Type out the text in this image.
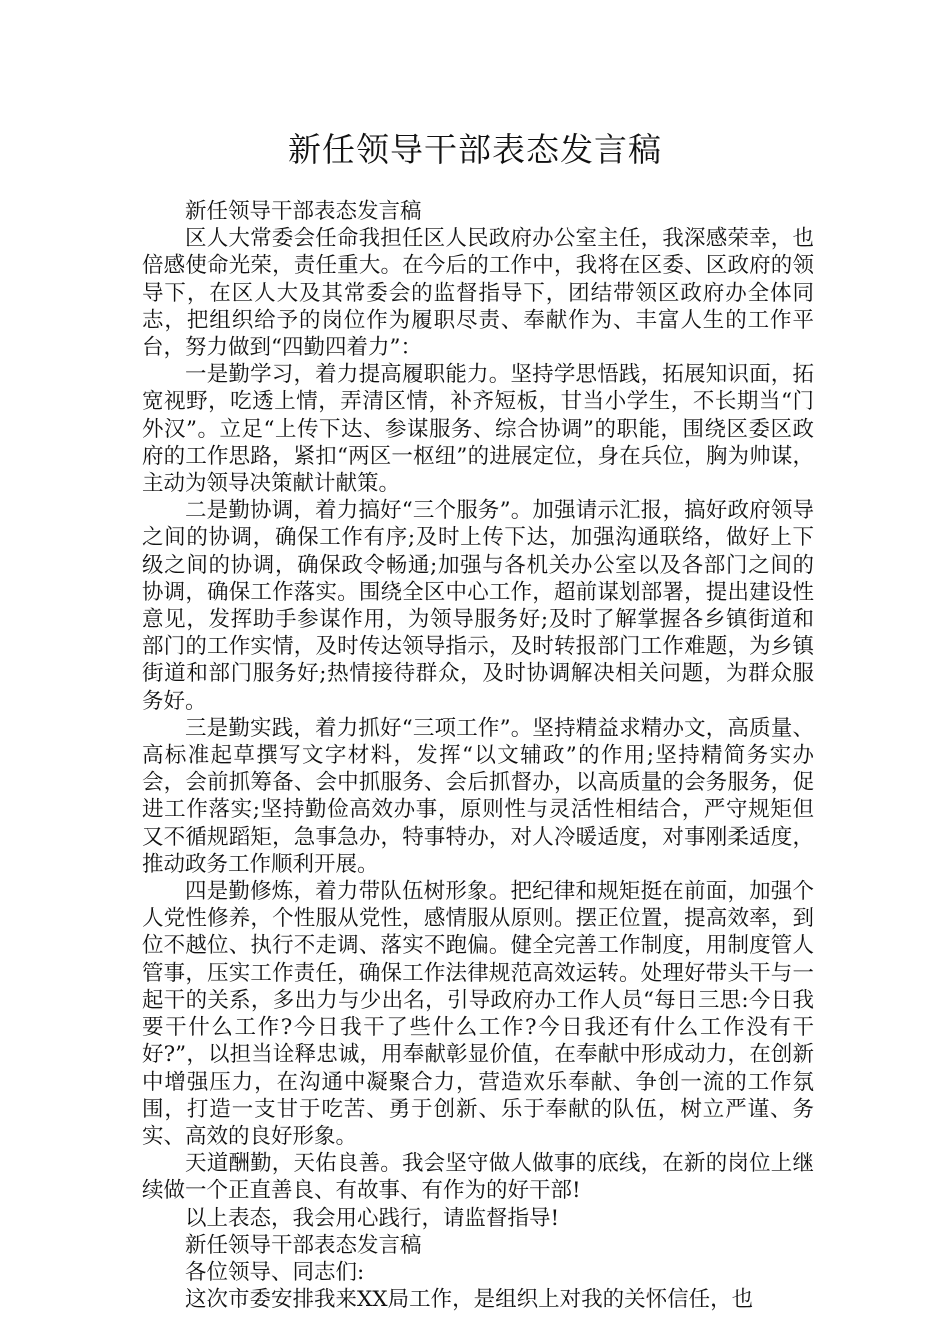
新任领导干部表态发言稿

新任领导干部表态发言稿

区人大常委会任命我担任区人民政府办公室主任，我深感荣幸，也倍感使命光荣，责任重大。在今后的工作中，我将在区委、区政府的领导下，在区人大及其常委会的监督指导下，团结带领区政府办全体同志，把组织给予的岗位作为履职尽责、奉献作为、丰富人生的工作平台，努力做到“四勤四着力”：

一是勤学习，着力提高履职能力。坚持学思悟践，拓展知识面，拓宽视野，吃透上情，弄清区情，补齐短板，甘当小学生，不长期当“门外汉”。立足“上传下达、参谋服务、综合协调”的职能，围绕区委区政府的工作思路，紧扣“两区一枢纽”的进展定位，身在兵位，胸为帅谋，主动为领导决策献计献策。

二是勤协调，着力搞好“三个服务”。加强请示汇报，搞好政府领导之间的协调，确保工作有序;及时上传下达，加强沟通联络，做好上下级之间的协调，确保政令畅通;加强与各机关办公室以及各部门之间的协调，确保工作落实。围绕全区中心工作，超前谋划部署，提出建设性意见，发挥助手参谋作用，为领导服务好;及时了解掌握各乡镇街道和部门的工作实情，及时传达领导指示，及时转报部门工作难题，为乡镇街道和部门服务好;热情接待群众，及时协调解决相关问题，为群众服务好。

三是勤实践，着力抓好“三项工作”。坚持精益求精办文，高质量、高标准起草撰写文字材料，发挥“以文辅政”的作用;坚持精简务实办会，会前抓筹备、会中抓服务、会后抓督办，以高质量的会务服务，促进工作落实;坚持勤俭高效办事，原则性与灵活性相结合，严守规矩但又不循规蹈矩，急事急办，特事特办，对人冷暖适度，对事刚柔适度，推动政务工作顺利开展。

四是勤修炼，着力带队伍树形象。把纪律和规矩挺在前面，加强个人党性修养，个性服从党性，感情服从原则。摆正位置，提高效率，到位不越位、执行不走调、落实不跑偏。健全完善工作制度，用制度管人管事，压实工作责任，确保工作法律规范高效运转。处理好带头干与一起干的关系，多出力与少出名，引导政府办工作人员“每日三思:今日我要干什么工作?今日我干了些什么工作?今日我还有什么工作没有干好?”，以担当诠释忠诚，用奉献彰显价值，在奉献中形成动力，在创新中增强压力，在沟通中凝聚合力，营造欢乐奉献、争创一流的工作氛围，打造一支甘于吃苦、勇于创新、乐于奉献的队伍，树立严谨、务实、高效的良好形象。

天道酬勤，天佑良善。我会坚守做人做事的底线，在新的岗位上继续做一个正直善良、有故事、有作为的好干部!

以上表态，我会用心践行，请监督指导!

新任领导干部表态发言稿

各位领导、同志们:

这次市委安排我来XX局工作，是组织上对我的关怀信任，也
